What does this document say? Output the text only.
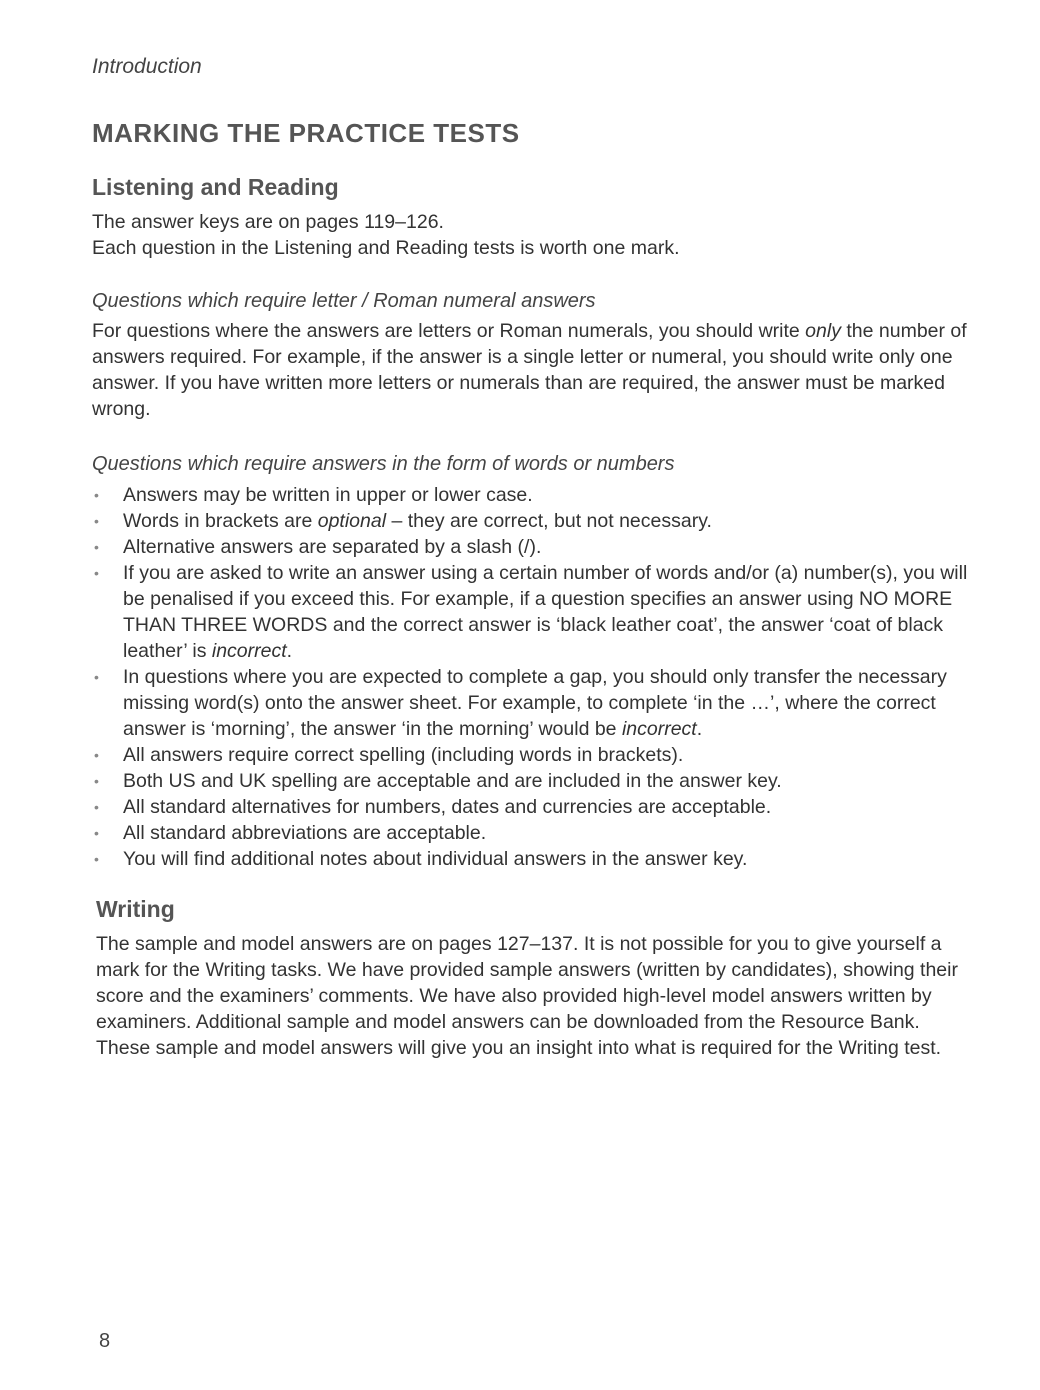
Introduction
MARKING THE PRACTICE TESTS
Listening and Reading

The answer keys are on pages 119–126.

Each question in the Listening and Reading tests is worth one mark.

Questions which require letter / Roman numeral answers

For questions where the answers are letters or Roman numerals, you should write only the number of answers required. For example, if the answer is a single letter or numeral, you should write only one answer. If you have written more letters or numerals than are required, the answer must be marked wrong.

Questions which require answers in the form of words or numbers
• Answers may be written in upper or lower case.
• Words in brackets are optional – they are correct, but not necessary.
• Alternative answers are separated by a slash (/).
• If you are asked to write an answer using a certain number of words and/or (a) number(s), you will be penalised if you exceed this. For example, if a question specifies an answer using NO MORE THAN THREE WORDS and the correct answer is ‘black leather coat’, the answer ‘coat of black leather’ is incorrect.
• In questions where you are expected to complete a gap, you should only transfer the necessary missing word(s) onto the answer sheet. For example, to complete ‘in the …’, where the correct answer is ‘morning’, the answer ‘in the morning’ would be incorrect.
• All answers require correct spelling (including words in brackets).
• Both US and UK spelling are acceptable and are included in the answer key.
• All standard alternatives for numbers, dates and currencies are acceptable.
• All standard abbreviations are acceptable.
• You will find additional notes about individual answers in the answer key.
Writing

The sample and model answers are on pages 127–137. It is not possible for you to give yourself a mark for the Writing tasks. We have provided sample answers (written by candidates), showing their score and the examiners’ comments. We have also provided high-level model answers written by examiners. Additional sample and model answers can be downloaded from the Resource Bank. These sample and model answers will give you an insight into what is required for the Writing test.

8
